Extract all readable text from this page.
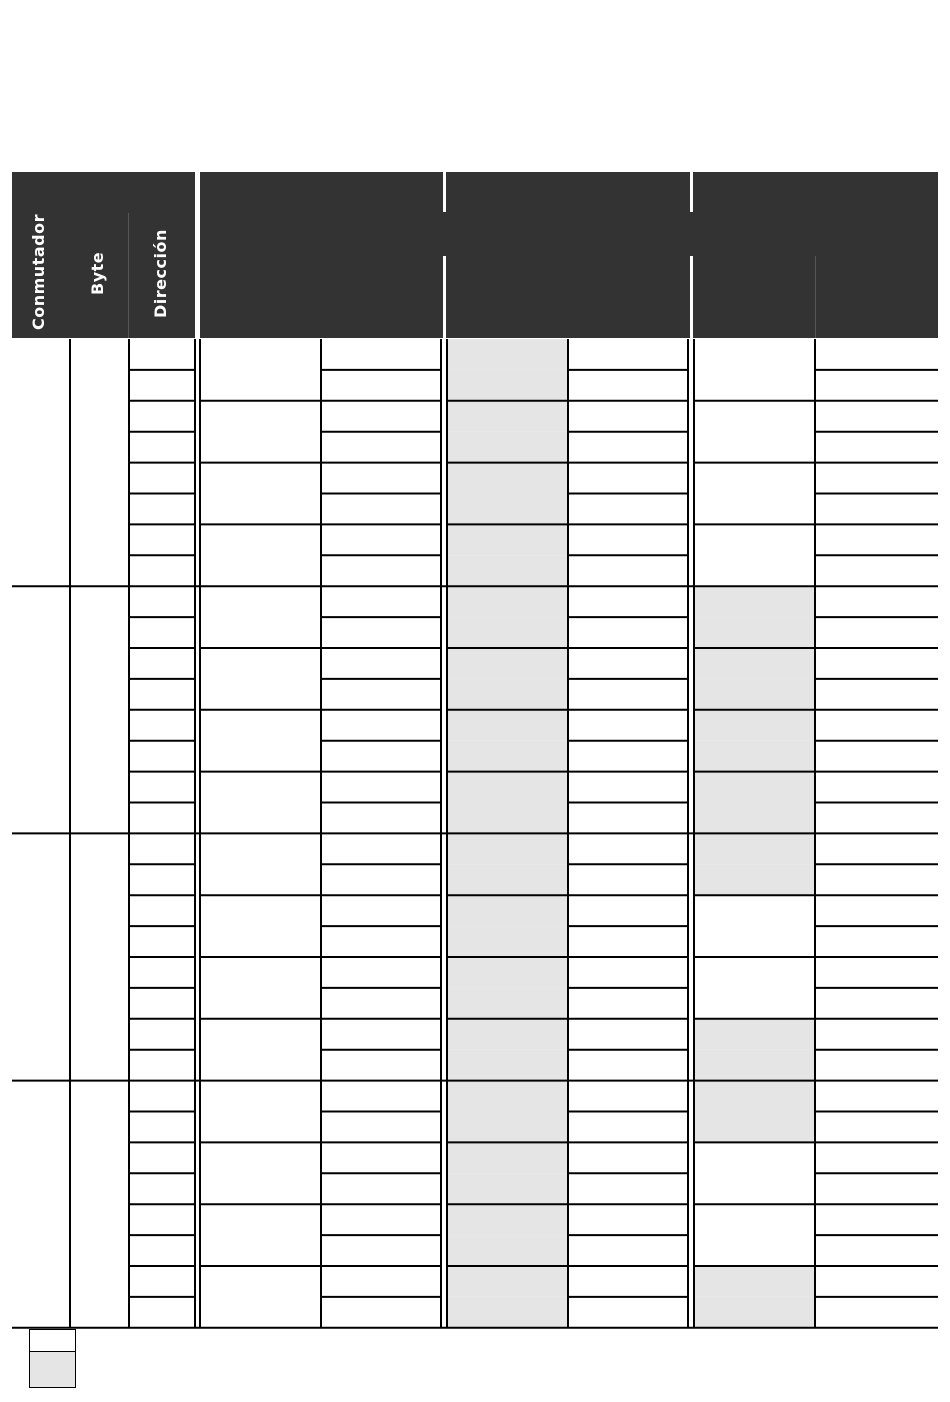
Conmutador	Byte	Dirección
